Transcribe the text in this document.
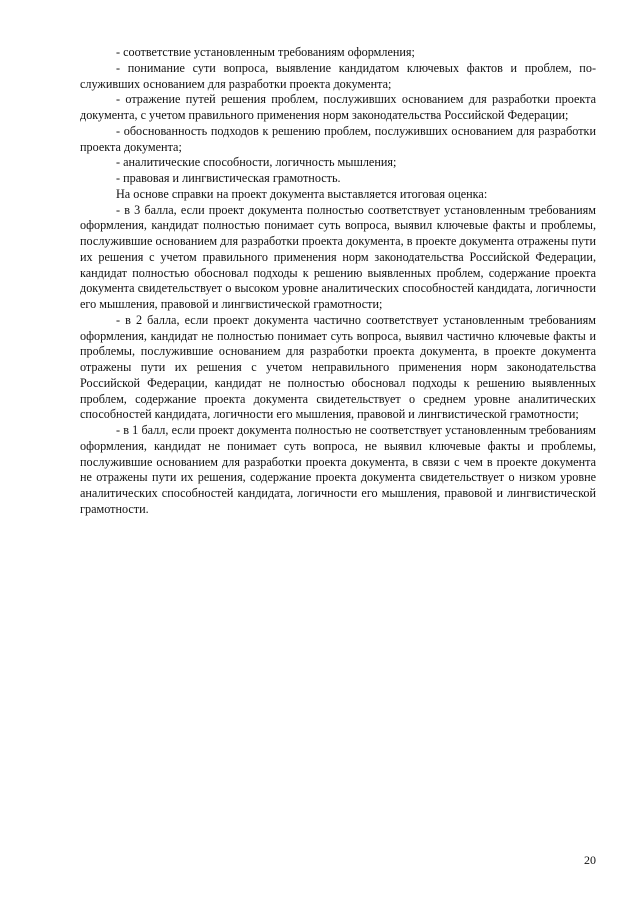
- соответствие установленным требованиям оформления;

- понимание сути вопроса, выявление кандидатом ключевых фактов и проблем, послуживших основанием для разработки проекта документа;

- отражение путей решения проблем, послуживших основанием для разработки проекта документа, с учетом правильного применения норм законодательства Российской Федерации;

- обоснованность подходов к решению проблем, послуживших основанием для разработки проекта документа;

- аналитические способности, логичность мышления;

- правовая и лингвистическая грамотность.

На основе справки на проект документа выставляется итоговая оценка:

- в 3 балла, если проект документа полностью соответствует установленным требованиям оформления, кандидат полностью понимает суть вопроса, выявил ключевые факты и проблемы, послужившие основанием для разработки проекта документа, в проекте документа отражены пути их решения с учетом правильного применения норм законодательства Российской Федерации, кандидат полностью обосновал подходы к решению выявленных проблем, содержание проекта документа свидетельствует о высоком уровне аналитических способностей кандидата, логичности его мышления, правовой и лингвистической грамотности;

- в 2 балла, если проект документа частично соответствует установленным требованиям оформления, кандидат не полностью понимает суть вопроса, выявил частично ключевые факты и проблемы, послужившие основанием для разработки проекта документа, в проекте документа отражены пути их решения с учетом неправильного применения норм законодательства Российской Федерации, кандидат не полностью обосновал подходы к решению выявленных проблем, содержание проекта документа свидетельствует о среднем уровне аналитических способностей кандидата, логичности его мышления, правовой и лингвистической грамотности;

- в 1 балл, если проект документа полностью не соответствует установленным требованиям оформления, кандидат не понимает суть вопроса, не выявил ключевые факты и проблемы, послужившие основанием для разработки проекта документа, в связи с чем в проекте документа не отражены пути их решения, содержание проекта документа свидетельствует о низком уровне аналитических способностей кандидата, логичности его мышления, правовой и лингвистической грамотности.

20
